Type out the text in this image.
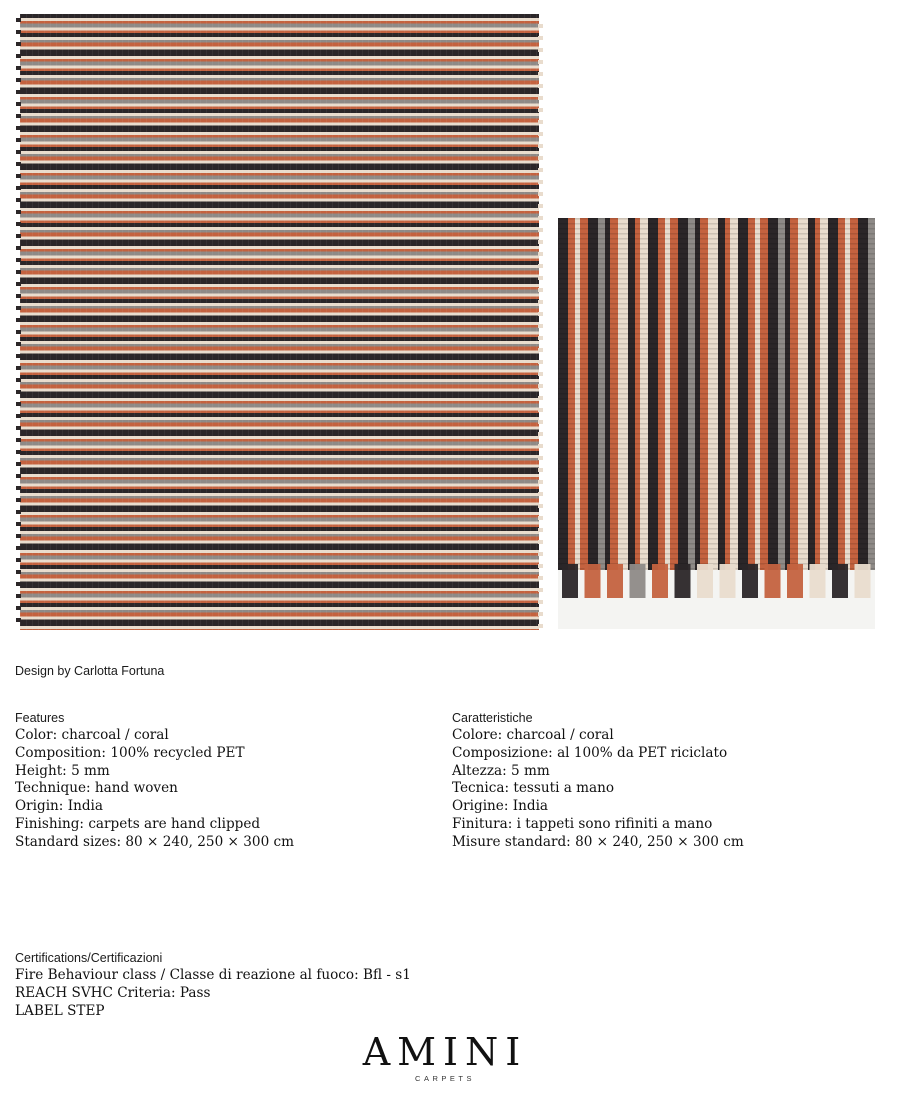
Design by Carlotta Fortuna
Features
Color: charcoal / coral
Composition: 100% recycled PET
Height: 5 mm
Technique: hand woven
Origin: India
Finishing: carpets are hand clipped
Standard sizes: 80 × 240, 250 × 300 cm
Caratteristiche
Colore: charcoal / coral
Composizione: al 100% da PET riciclato
Altezza: 5 mm
Tecnica: tessuti a mano
Origine: India
Finitura: i tappeti sono rifiniti a mano
Misure standard: 80 × 240, 250 × 300 cm
Certifications/Certificazioni
Fire Behaviour class / Classe di reazione al fuoco: Bfl - s1
REACH SVHC Criteria: Pass
LABEL STEP
AMINI
CARPETS
